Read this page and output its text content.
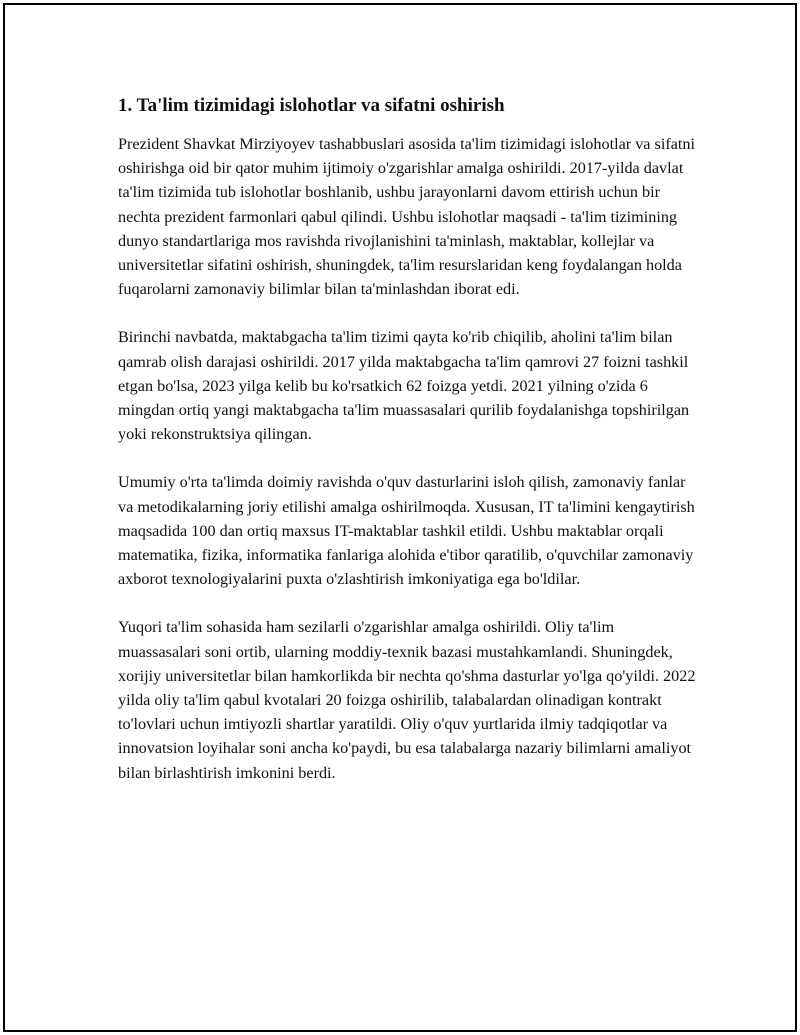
1. Ta'lim tizimidagi islohotlar va sifatni oshirish

Prezident Shavkat Mirziyoyev tashabbuslari asosida ta'lim tizimidagi islohotlar va sifatni oshirishga oid bir qator muhim ijtimoiy o'zgarishlar amalga oshirildi. 2017-yilda davlat ta'lim tizimida tub islohotlar boshlanib, ushbu jarayonlarni davom ettirish uchun bir nechta prezident farmonlari qabul qilindi. Ushbu islohotlar maqsadi - ta'lim tizimining dunyo standartlariga mos ravishda rivojlanishini ta'minlash, maktablar, kollejlar va universitetlar sifatini oshirish, shuningdek, ta'lim resurslaridan keng foydalangan holda fuqarolarni zamonaviy bilimlar bilan ta'minlashdan iborat edi.

Birinchi navbatda, maktabgacha ta'lim tizimi qayta ko'rib chiqilib, aholini ta'lim bilan qamrab olish darajasi oshirildi. 2017 yilda maktabgacha ta'lim qamrovi 27 foizni tashkil etgan bo'lsa, 2023 yilga kelib bu ko'rsatkich 62 foizga yetdi. 2021 yilning o'zida 6 mingdan ortiq yangi maktabgacha ta'lim muassasalari qurilib foydalanishga topshirilgan yoki rekonstruktsiya qilingan.

Umumiy o'rta ta'limda doimiy ravishda o'quv dasturlarini isloh qilish, zamonaviy fanlar va metodikalarning joriy etilishi amalga oshirilmoqda. Xususan, IT ta'limini kengaytirish maqsadida 100 dan ortiq maxsus IT-maktablar tashkil etildi. Ushbu maktablar orqali matematika, fizika, informatika fanlariga alohida e'tibor qaratilib, o'quvchilar zamonaviy axborot texnologiyalarini puxta o'zlashtirish imkoniyatiga ega bo'ldilar.

Yuqori ta'lim sohasida ham sezilarli o'zgarishlar amalga oshirildi. Oliy ta'lim muassasalari soni ortib, ularning moddiy-texnik bazasi mustahkamlandi. Shuningdek, xorijiy universitetlar bilan hamkorlikda bir nechta qo'shma dasturlar yo'lga qo'yildi. 2022 yilda oliy ta'lim qabul kvotalari 20 foizga oshirilib, talabalardan olinadigan kontrakt to'lovlari uchun imtiyozli shartlar yaratildi. Oliy o'quv yurtlarida ilmiy tadqiqotlar va innovatsion loyihalar soni ancha ko'paydi, bu esa talabalarga nazariy bilimlarni amaliyot bilan birlashtirish imkonini berdi.
